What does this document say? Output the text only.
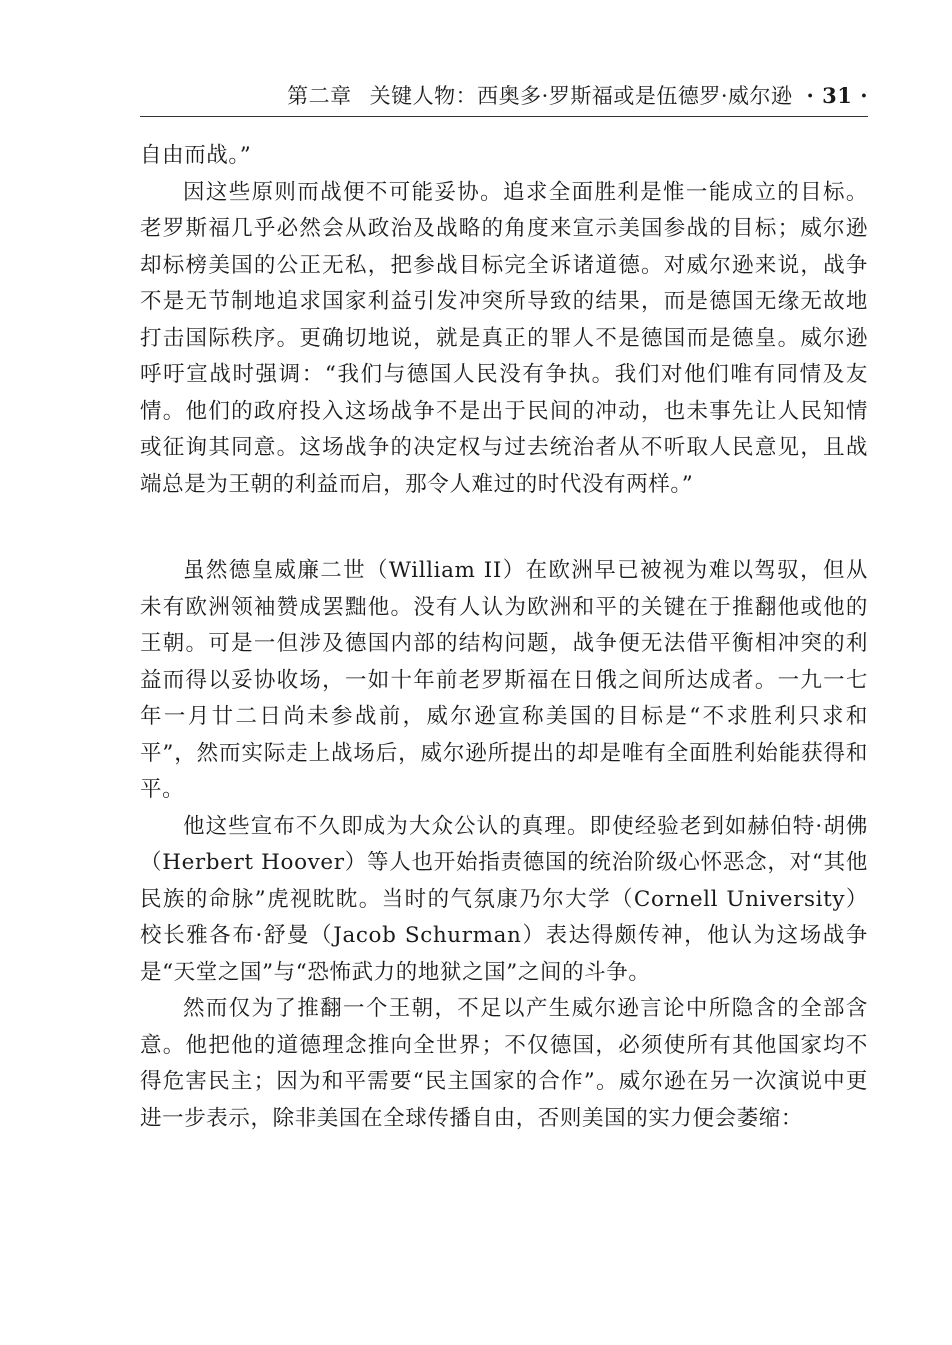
第二章 关键人物：西奥多·罗斯福或是伍德罗·威尔逊 · 31 ·

自由而战。”

因这些原则而战便不可能妥协。追求全面胜利是惟一能成立的目标。老罗斯福几乎必然会从政治及战略的角度来宣示美国参战的目标；威尔逊却标榜美国的公正无私，把参战目标完全诉诸道德。对威尔逊来说，战争不是无节制地追求国家利益引发冲突所导致的结果，而是德国无缘无故地打击国际秩序。更确切地说，就是真正的罪人不是德国而是德皇。威尔逊呼吁宣战时强调：“我们与德国人民没有争执。我们对他们唯有同情及友情。他们的政府投入这场战争不是出于民间的冲动，也未事先让人民知情或征询其同意。这场战争的决定权与过去统治者从不听取人民意见，且战端总是为王朝的利益而启，那令人难过的时代没有两样。”

虽然德皇威廉二世（William II）在欧洲早已被视为难以驾驭，但从未有欧洲领袖赞成罢黜他。没有人认为欧洲和平的关键在于推翻他或他的王朝。可是一但涉及德国内部的结构问题，战争便无法借平衡相冲突的利益而得以妥协收场，一如十年前老罗斯福在日俄之间所达成者。一九一七年一月廿二日尚未参战前，威尔逊宣称美国的目标是“不求胜利只求和平”，然而实际走上战场后，威尔逊所提出的却是唯有全面胜利始能获得和平。

他这些宣布不久即成为大众公认的真理。即使经验老到如赫伯特·胡佛（Herbert Hoover）等人也开始指责德国的统治阶级心怀恶念，对“其他民族的命脉”虎视眈眈。当时的气氛康乃尔大学（Cornell University）校长雅各布·舒曼（Jacob Schurman）表达得颇传神，他认为这场战争是“天堂之国”与“恐怖武力的地狱之国”之间的斗争。

然而仅为了推翻一个王朝，不足以产生威尔逊言论中所隐含的全部含意。他把他的道德理念推向全世界；不仅德国，必须使所有其他国家均不得危害民主；因为和平需要“民主国家的合作”。威尔逊在另一次演说中更进一步表示，除非美国在全球传播自由，否则美国的实力便会萎缩：
